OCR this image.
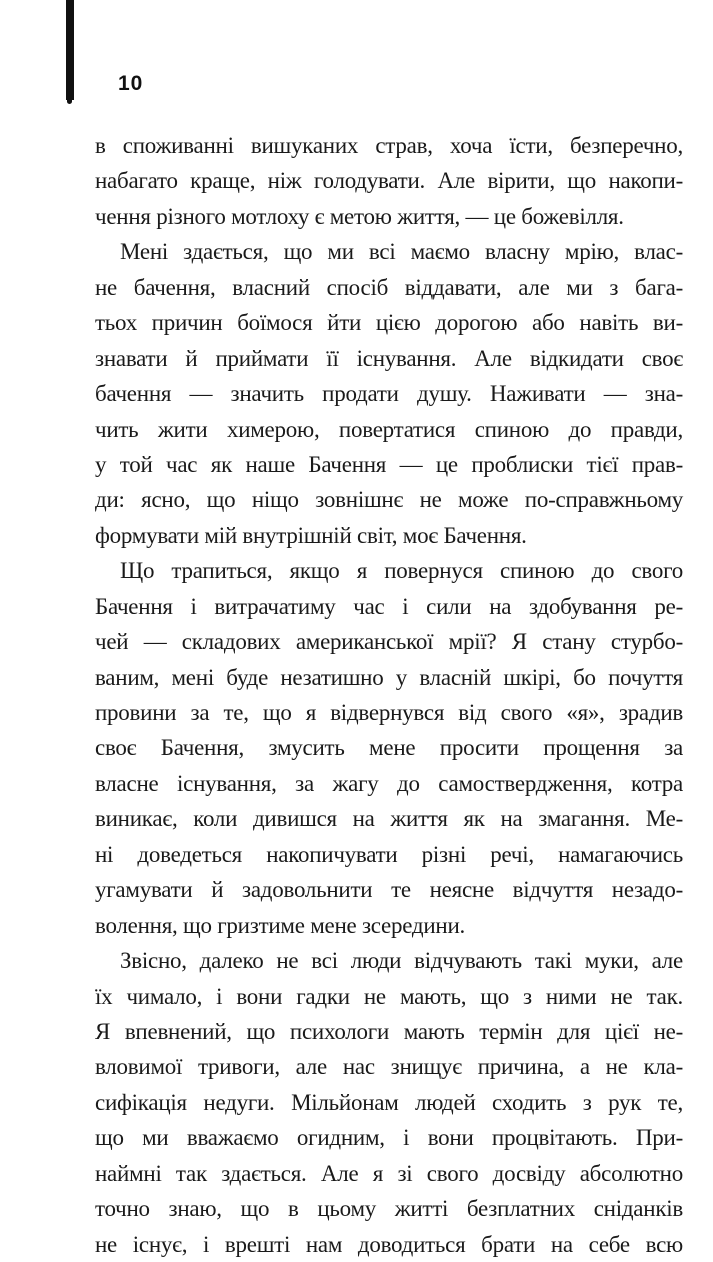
10
в споживанні вишуканих страв, хоча їсти, безперечно,
набагато краще, ніж голодувати. Але вірити, що накопи-
чення різного мотлоху є метою життя, — це божевілля.
Мені здається, що ми всі маємо власну мрію, влас-
не бачення, власний спосіб віддавати, але ми з бага-
тьох причин боїмося йти цією дорогою або навіть ви-
знавати й приймати її існування. Але відкидати своє
бачення — значить продати душу. Наживати — зна-
чить жити химерою, повертатися спиною до правди,
у той час як наше Бачення — це проблиски тієї прав-
ди: ясно, що ніщо зовнішнє не може по-справжньому
формувати мій внутрішній світ, моє Бачення.
Що трапиться, якщо я повернуся спиною до свого
Бачення і витрачатиму час і сили на здобування ре-
чей — складових американської мрії? Я стану стурбо-
ваним, мені буде незатишно у власній шкірі, бо почуття
провини за те, що я відвернувся від свого «я», зрадив
своє Бачення, змусить мене просити прощення за
власне існування, за жагу до самоствердження, котра
виникає, коли дивишся на життя як на змагання. Ме-
ні доведеться накопичувати різні речі, намагаючись
угамувати й задовольнити те неясне відчуття незадо-
волення, що гризтиме мене зсередини.
Звісно, далеко не всі люди відчувають такі муки, але
їх чимало, і вони гадки не мають, що з ними не так.
Я впевнений, що психологи мають термін для цієї не-
вловимої тривоги, але нас знищує причина, а не кла-
сифікація недуги. Мільйонам людей сходить з рук те,
що ми вважаємо огидним, і вони процвітають. При-
наймні так здається. Але я зі свого досвіду абсолютно
точно знаю, що в цьому житті безплатних сніданків
не існує, і врешті нам доводиться брати на себе всю
